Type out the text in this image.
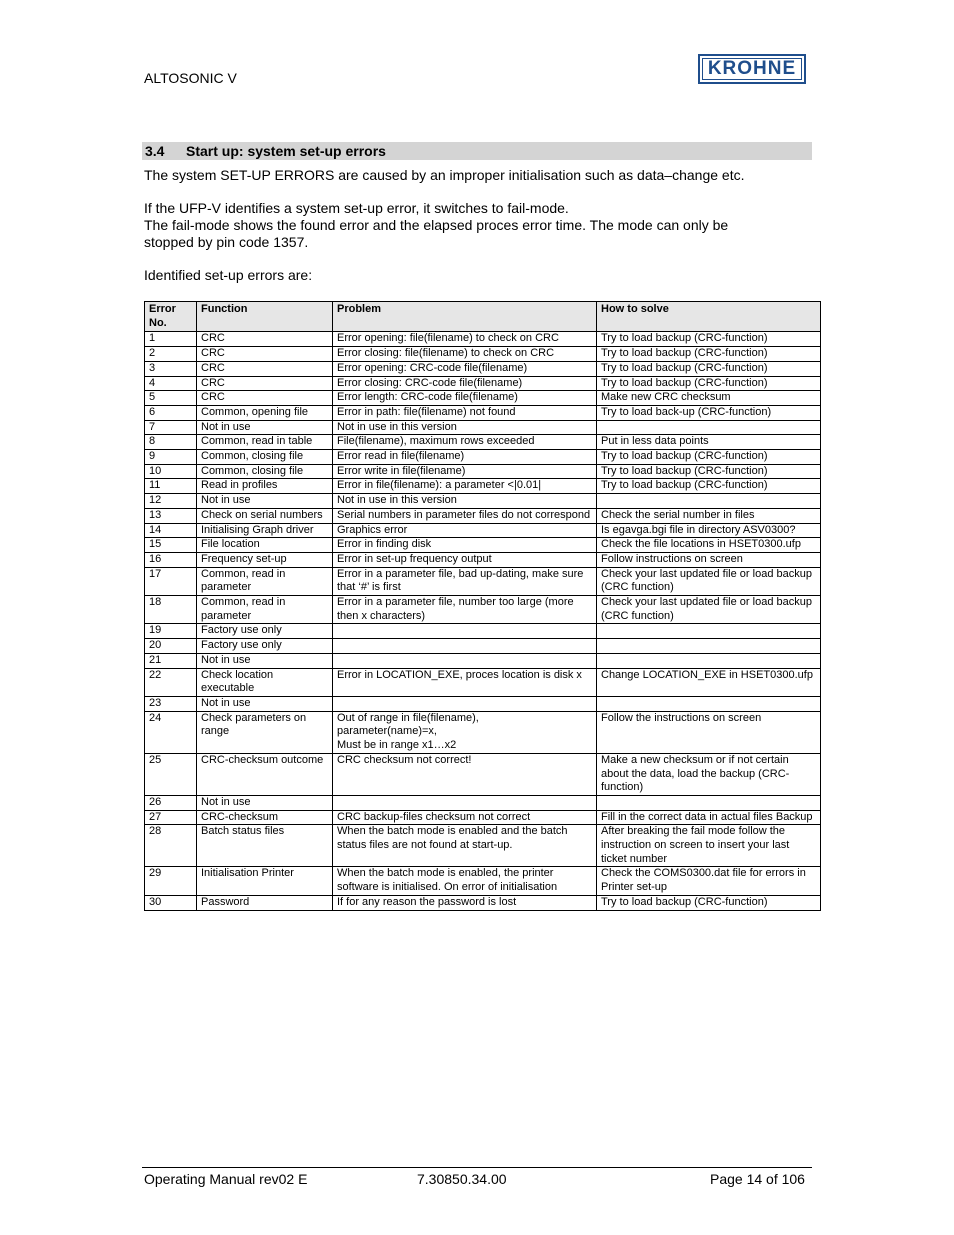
ALTOSONIC V	KROHNE
3.4 Start up: system set-up errors
The system SET-UP ERRORS are caused by an improper initialisation such as data–change etc.
If the UFP-V identifies a system set-up error, it switches to fail-mode.
The fail-mode shows the found error and the elapsed proces error time. The mode can only be stopped by pin code 1357.
Identified set-up errors are:
Error No.	Function	Problem	How to solve
1	CRC	Error opening: file(filename) to check on CRC	Try to load backup (CRC-function)
2	CRC	Error closing: file(filename) to check on CRC	Try to load backup (CRC-function)
3	CRC	Error opening: CRC-code file(filename)	Try to load backup (CRC-function)
4	CRC	Error closing: CRC-code file(filename)	Try to load backup (CRC-function)
5	CRC	Error length: CRC-code file(filename)	Make new CRC checksum
6	Common, opening file	Error in path: file(filename) not found	Try to load back-up (CRC-function)
7	Not in use	Not in use in this version	
8	Common, read in table	File(filename), maximum rows exceeded	Put in less data points
9	Common, closing file	Error read in file(filename)	Try to load backup (CRC-function)
10	Common, closing file	Error write in file(filename)	Try to load backup (CRC-function)
11	Read in profiles	Error in file(filename): a parameter <|0.01|	Try to load backup (CRC-function)
12	Not in use	Not in use in this version	
13	Check on serial numbers	Serial numbers in parameter files do not correspond	Check the serial number in files
14	Initialising Graph driver	Graphics error	Is egavga.bgi file in directory ASV0300?
15	File location	Error in finding disk	Check the file locations in HSET0300.ufp
16	Frequency set-up	Error in set-up frequency output	Follow instructions on screen
17	Common, read in parameter	Error in a parameter file, bad up-dating, make sure that ‘#’ is first	Check your last updated file or load backup (CRC function)
18	Common, read in parameter	Error in a parameter file, number too large (more then x characters)	Check your last updated file or load backup (CRC function)
19	Factory use only		
20	Factory use only		
21	Not in use		
22	Check location executable	Error in LOCATION_EXE, proces location is disk x	Change LOCATION_EXE in HSET0300.ufp
23	Not in use		
24	Check parameters on range	Out of range in file(filename),
parameter(name)=x,
Must be in range x1…x2	Follow the instructions on screen
25	CRC-checksum outcome	CRC checksum not correct!	Make a new checksum or if not certain about the data, load the backup (CRC-function)
26	Not in use		
27	CRC-checksum	CRC backup-files checksum not correct	Fill in the correct data in actual files Backup
28	Batch status files	When the batch mode is enabled and the batch status files are not found at start-up.	After breaking the fail mode follow the instruction on screen to insert your last ticket number
29	Initialisation Printer	When the batch mode is enabled, the printer software is initialised. On error of initialisation	Check the COMS0300.dat file for errors in Printer set-up
30	Password	If for any reason the password is lost	Try to load backup (CRC-function)
Operating Manual rev02 E	7.30850.34.00	Page 14 of 106
